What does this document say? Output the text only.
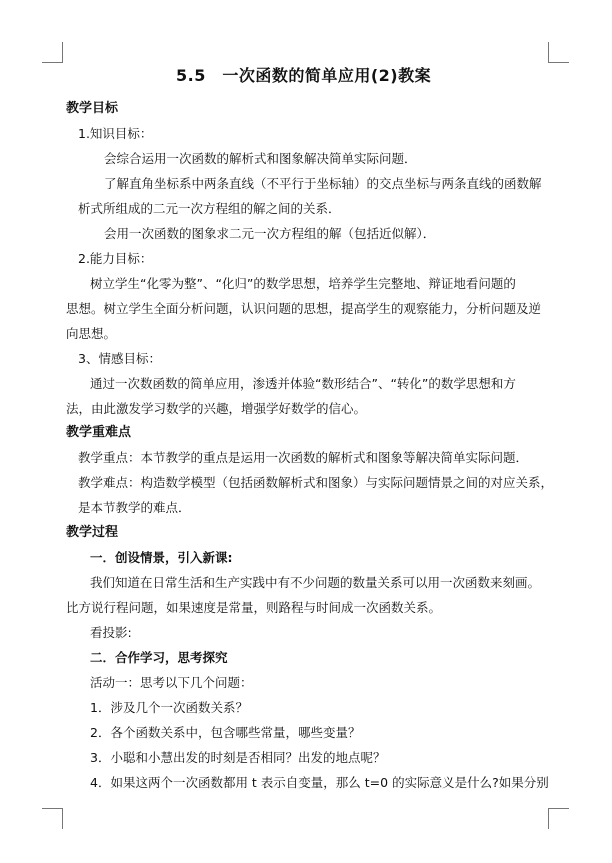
5.5　一次函数的简单应用(2)教案
教学目标
1.知识目标：
会综合运用一次函数的解析式和图象解决简单实际问题．
了解直角坐标系中两条直线（不平行于坐标轴）的交点坐标与两条直线的函数解
析式所组成的二元一次方程组的解之间的关系．
会用一次函数的图象求二元一次方程组的解（包括近似解）．
2.能力目标：
树立学生“化零为整”、“化归”的数学思想，培养学生完整地、辩证地看问题的
思想。树立学生全面分析问题，认识问题的思想，提高学生的观察能力，分析问题及逆
向思想。
3、情感目标：
通过一次数函数的简单应用，渗透并体验“数形结合”、“转化”的数学思想和方
法，由此激发学习数学的兴趣，增强学好数学的信心。
教学重难点
教学重点：本节教学的重点是运用一次函数的解析式和图象等解决简单实际问题．
教学难点：构造数学模型（包括函数解析式和图象）与实际问题情景之间的对应关系，
是本节教学的难点．
教学过程
一．创设情景，引入新课:
我们知道在日常生活和生产实践中有不少问题的数量关系可以用一次函数来刻画。
比方说行程问题，如果速度是常量，则路程与时间成一次函数关系。
看投影:
二．合作学习，思考探究
活动一：思考以下几个问题：
1．涉及几个一次函数关系？
2．各个函数关系中，包含哪些常量，哪些变量？
3．小聪和小慧出发的时刻是否相同？出发的地点呢？
4．如果这两个一次函数都用 t 表示自变量，那么 t=0 的实际意义是什么?如果分别
